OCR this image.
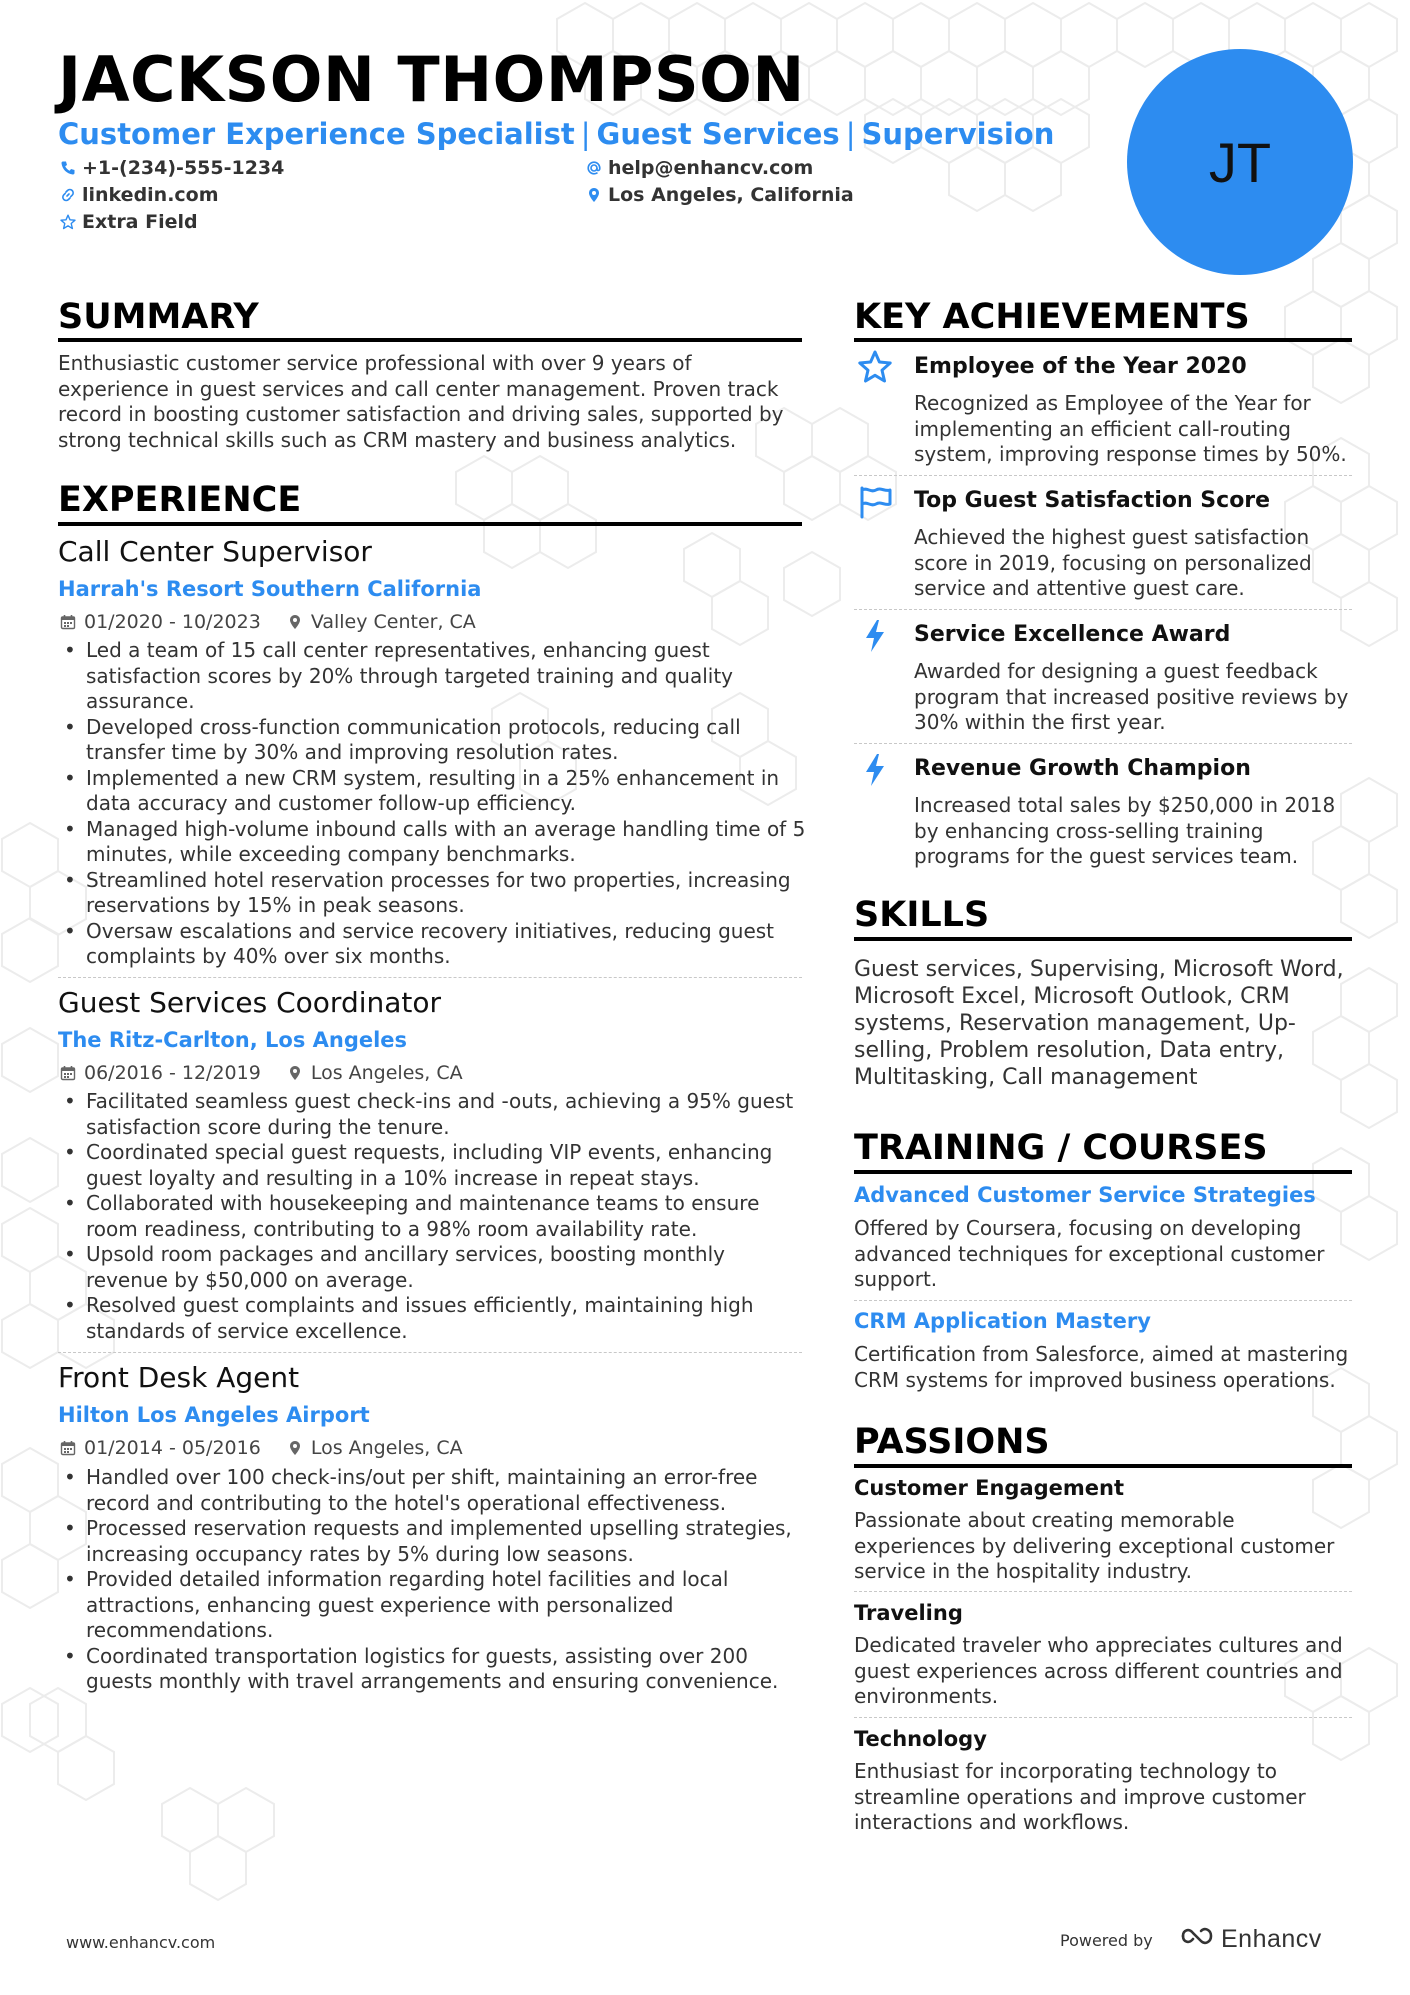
JACKSON THOMPSON
Customer Experience Specialist | Guest Services | Supervision
+1-(234)-555-1234	help@enhancv.com
linkedin.com	Los Angeles, California
Extra Field
JT
SUMMARY
Enthusiastic customer service professional with over 9 years of experience in guest services and call center management. Proven track record in boosting customer satisfaction and driving sales, supported by strong technical skills such as CRM mastery and business analytics.
EXPERIENCE
Call Center Supervisor
Harrah's Resort Southern California
01/2020 - 10/2023	Valley Center, CA
• Led a team of 15 call center representatives, enhancing guest satisfaction scores by 20% through targeted training and quality assurance.
• Developed cross-function communication protocols, reducing call transfer time by 30% and improving resolution rates.
• Implemented a new CRM system, resulting in a 25% enhancement in data accuracy and customer follow-up efficiency.
• Managed high-volume inbound calls with an average handling time of 5 minutes, while exceeding company benchmarks.
• Streamlined hotel reservation processes for two properties, increasing reservations by 15% in peak seasons.
• Oversaw escalations and service recovery initiatives, reducing guest complaints by 40% over six months.
Guest Services Coordinator
The Ritz-Carlton, Los Angeles
06/2016 - 12/2019	Los Angeles, CA
• Facilitated seamless guest check-ins and -outs, achieving a 95% guest satisfaction score during the tenure.
• Coordinated special guest requests, including VIP events, enhancing guest loyalty and resulting in a 10% increase in repeat stays.
• Collaborated with housekeeping and maintenance teams to ensure room readiness, contributing to a 98% room availability rate.
• Upsold room packages and ancillary services, boosting monthly revenue by $50,000 on average.
• Resolved guest complaints and issues efficiently, maintaining high standards of service excellence.
Front Desk Agent
Hilton Los Angeles Airport
01/2014 - 05/2016	Los Angeles, CA
• Handled over 100 check-ins/out per shift, maintaining an error-free record and contributing to the hotel's operational effectiveness.
• Processed reservation requests and implemented upselling strategies, increasing occupancy rates by 5% during low seasons.
• Provided detailed information regarding hotel facilities and local attractions, enhancing guest experience with personalized recommendations.
• Coordinated transportation logistics for guests, assisting over 200 guests monthly with travel arrangements and ensuring convenience.
KEY ACHIEVEMENTS
Employee of the Year 2020
Recognized as Employee of the Year for implementing an efficient call-routing system, improving response times by 50%.
Top Guest Satisfaction Score
Achieved the highest guest satisfaction score in 2019, focusing on personalized service and attentive guest care.
Service Excellence Award
Awarded for designing a guest feedback program that increased positive reviews by 30% within the first year.
Revenue Growth Champion
Increased total sales by $250,000 in 2018 by enhancing cross-selling training programs for the guest services team.
SKILLS
Guest services, Supervising, Microsoft Word, Microsoft Excel, Microsoft Outlook, CRM systems, Reservation management, Up-selling, Problem resolution, Data entry, Multitasking, Call management
TRAINING / COURSES
Advanced Customer Service Strategies
Offered by Coursera, focusing on developing advanced techniques for exceptional customer support.
CRM Application Mastery
Certification from Salesforce, aimed at mastering CRM systems for improved business operations.
PASSIONS
Customer Engagement
Passionate about creating memorable experiences by delivering exceptional customer service in the hospitality industry.
Traveling
Dedicated traveler who appreciates cultures and guest experiences across different countries and environments.
Technology
Enthusiast for incorporating technology to streamline operations and improve customer interactions and workflows.
www.enhancv.com	Powered by	Enhancv
